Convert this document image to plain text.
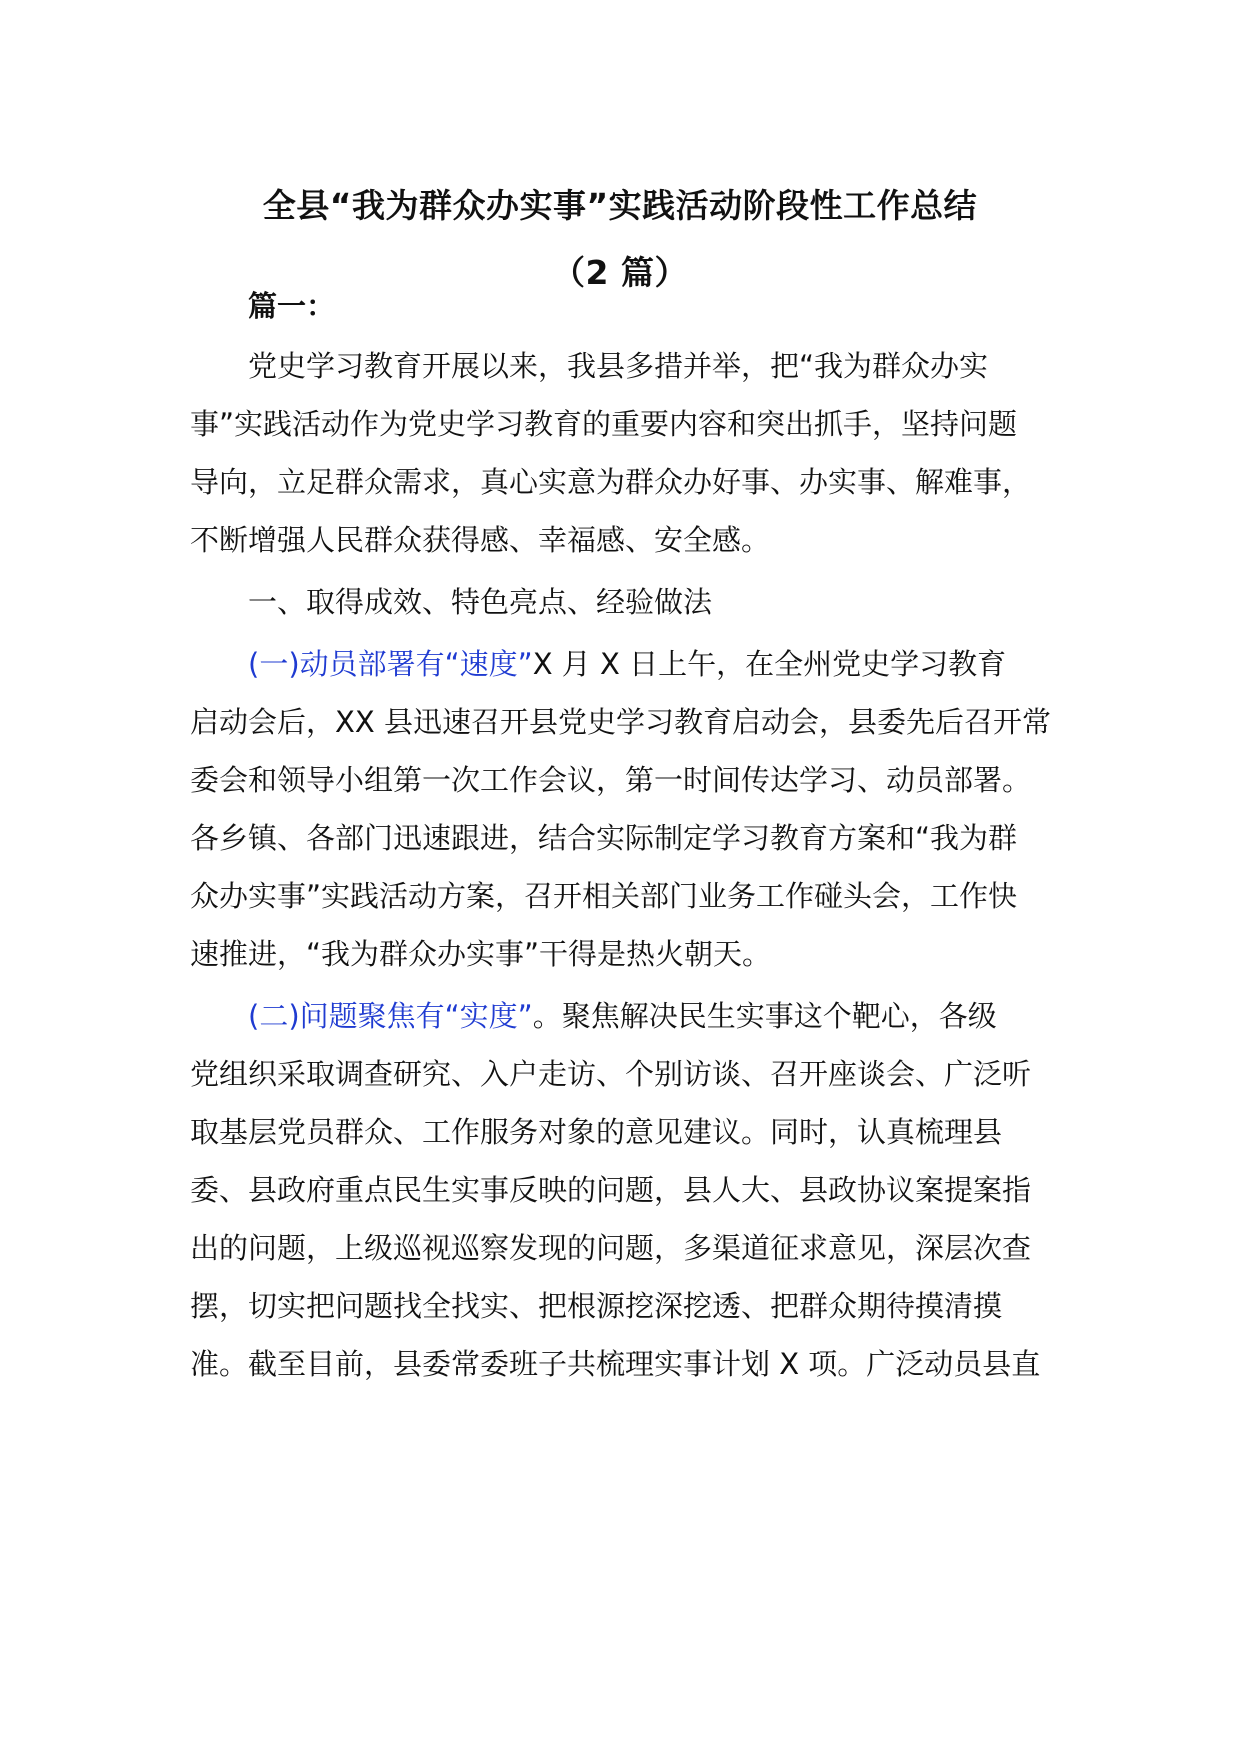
全县“我为群众办实事”实践活动阶段性工作总结
（2 篇）
篇一：
党史学习教育开展以来，我县多措并举，把“我为群众办实
事”实践活动作为党史学习教育的重要内容和突出抓手，坚持问题
导向，立足群众需求，真心实意为群众办好事、办实事、解难事，
不断增强人民群众获得感、幸福感、安全感。
一、取得成效、特色亮点、经验做法
(一)动员部署有“速度”X 月 X 日上午，在全州党史学习教育
启动会后，XX 县迅速召开县党史学习教育启动会，县委先后召开常
委会和领导小组第一次工作会议，第一时间传达学习、动员部署。
各乡镇、各部门迅速跟进，结合实际制定学习教育方案和“我为群
众办实事”实践活动方案，召开相关部门业务工作碰头会，工作快
速推进，“我为群众办实事”干得是热火朝天。
(二)问题聚焦有“实度”。聚焦解决民生实事这个靶心，各级
党组织采取调查研究、入户走访、个别访谈、召开座谈会、广泛听
取基层党员群众、工作服务对象的意见建议。同时，认真梳理县
委、县政府重点民生实事反映的问题，县人大、县政协议案提案指
出的问题，上级巡视巡察发现的问题，多渠道征求意见，深层次查
摆，切实把问题找全找实、把根源挖深挖透、把群众期待摸清摸
准。截至目前，县委常委班子共梳理实事计划 X 项。广泛动员县直
